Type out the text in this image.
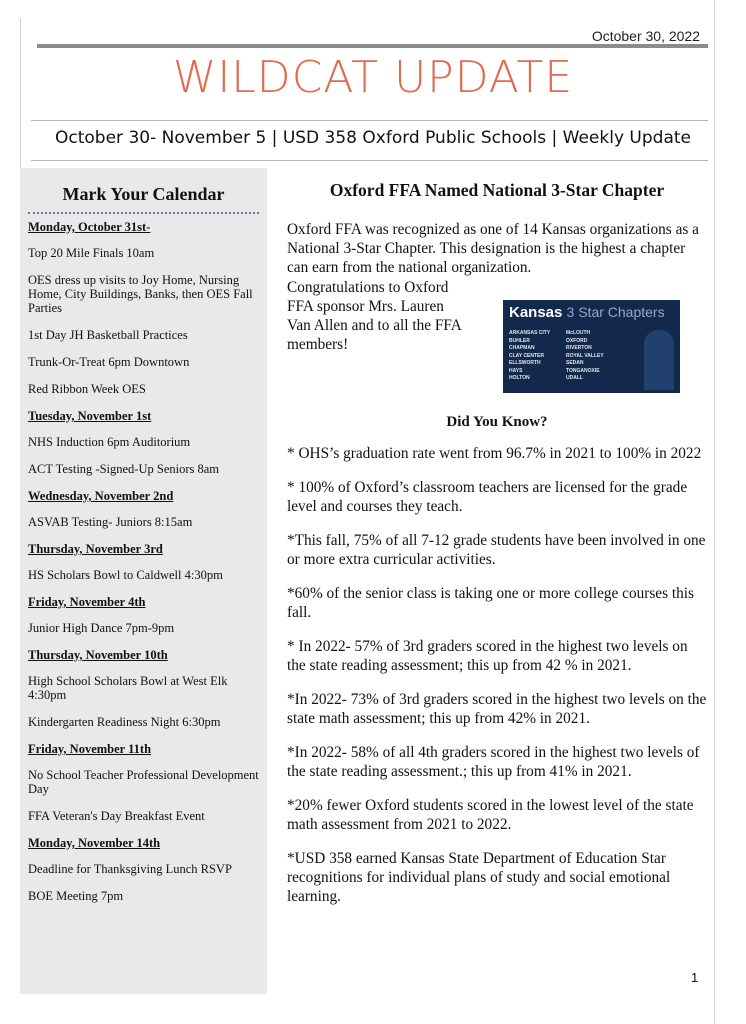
October 30, 2022
WILDCAT UPDATE
October 30- November 5 | USD 358 Oxford Public Schools | Weekly Update
Mark Your Calendar
Monday, October 31st-
Top 20 Mile Finals 10am
OES dress up visits to Joy Home, Nursing Home, City Buildings, Banks, then OES Fall Parties
1st Day JH Basketball Practices
Trunk-Or-Treat 6pm Downtown
Red Ribbon Week OES
Tuesday, November 1st
NHS Induction 6pm Auditorium
ACT Testing -Signed-Up Seniors 8am
Wednesday, November 2nd
ASVAB Testing- Juniors 8:15am
Thursday, November 3rd
HS Scholars Bowl to Caldwell 4:30pm
Friday, November 4th
Junior High Dance 7pm-9pm
Thursday, November 10th
High School Scholars Bowl at West Elk 4:30pm
Kindergarten Readiness Night 6:30pm
Friday, November 11th
No School Teacher Professional Development Day
FFA Veteran's Day Breakfast Event
Monday, November 14th
Deadline for Thanksgiving Lunch RSVP
BOE Meeting 7pm
Oxford FFA Named National 3-Star Chapter

Oxford FFA was recognized as one of 14 Kansas organizations as a National 3-Star Chapter. This designation is the highest a chapter can earn from the national organization.

Congratulations to Oxford FFA sponsor Mrs. Lauren Van Allen and to all the FFA members!

Kansas 3 Star Chapters
ARKANSAS CITY	McLOUTH
BUHLER	OXFORD
CHAPMAN	RIVERTON
CLAY CENTER	ROYAL VALLEY
ELLSWORTH	SEDAN
HAYS	TONGANOXIE
HOLTON	UDALL
Did You Know?

* OHS’s graduation rate went from 96.7% in 2021 to 100% in 2022

* 100% of Oxford’s classroom teachers are licensed for the grade level and courses they teach.

*This fall, 75% of all 7-12 grade students have been involved in one or more extra curricular activities.

*60% of the senior class is taking one or more college courses this fall.

* In 2022- 57% of 3rd graders scored in the highest two levels on the state reading assessment; this up from 42 % in 2021.

*In 2022- 73% of 3rd graders scored in the highest two levels on the state math assessment; this up from 42% in 2021.

*In 2022- 58% of all 4th graders scored in the highest two levels of the state reading assessment.; this up from 41% in 2021.

*20% fewer Oxford students scored in the lowest level of the state math assessment from 2021 to 2022.

*USD 358 earned Kansas State Department of Education Star recognitions for individual plans of study and social emotional learning.

1
